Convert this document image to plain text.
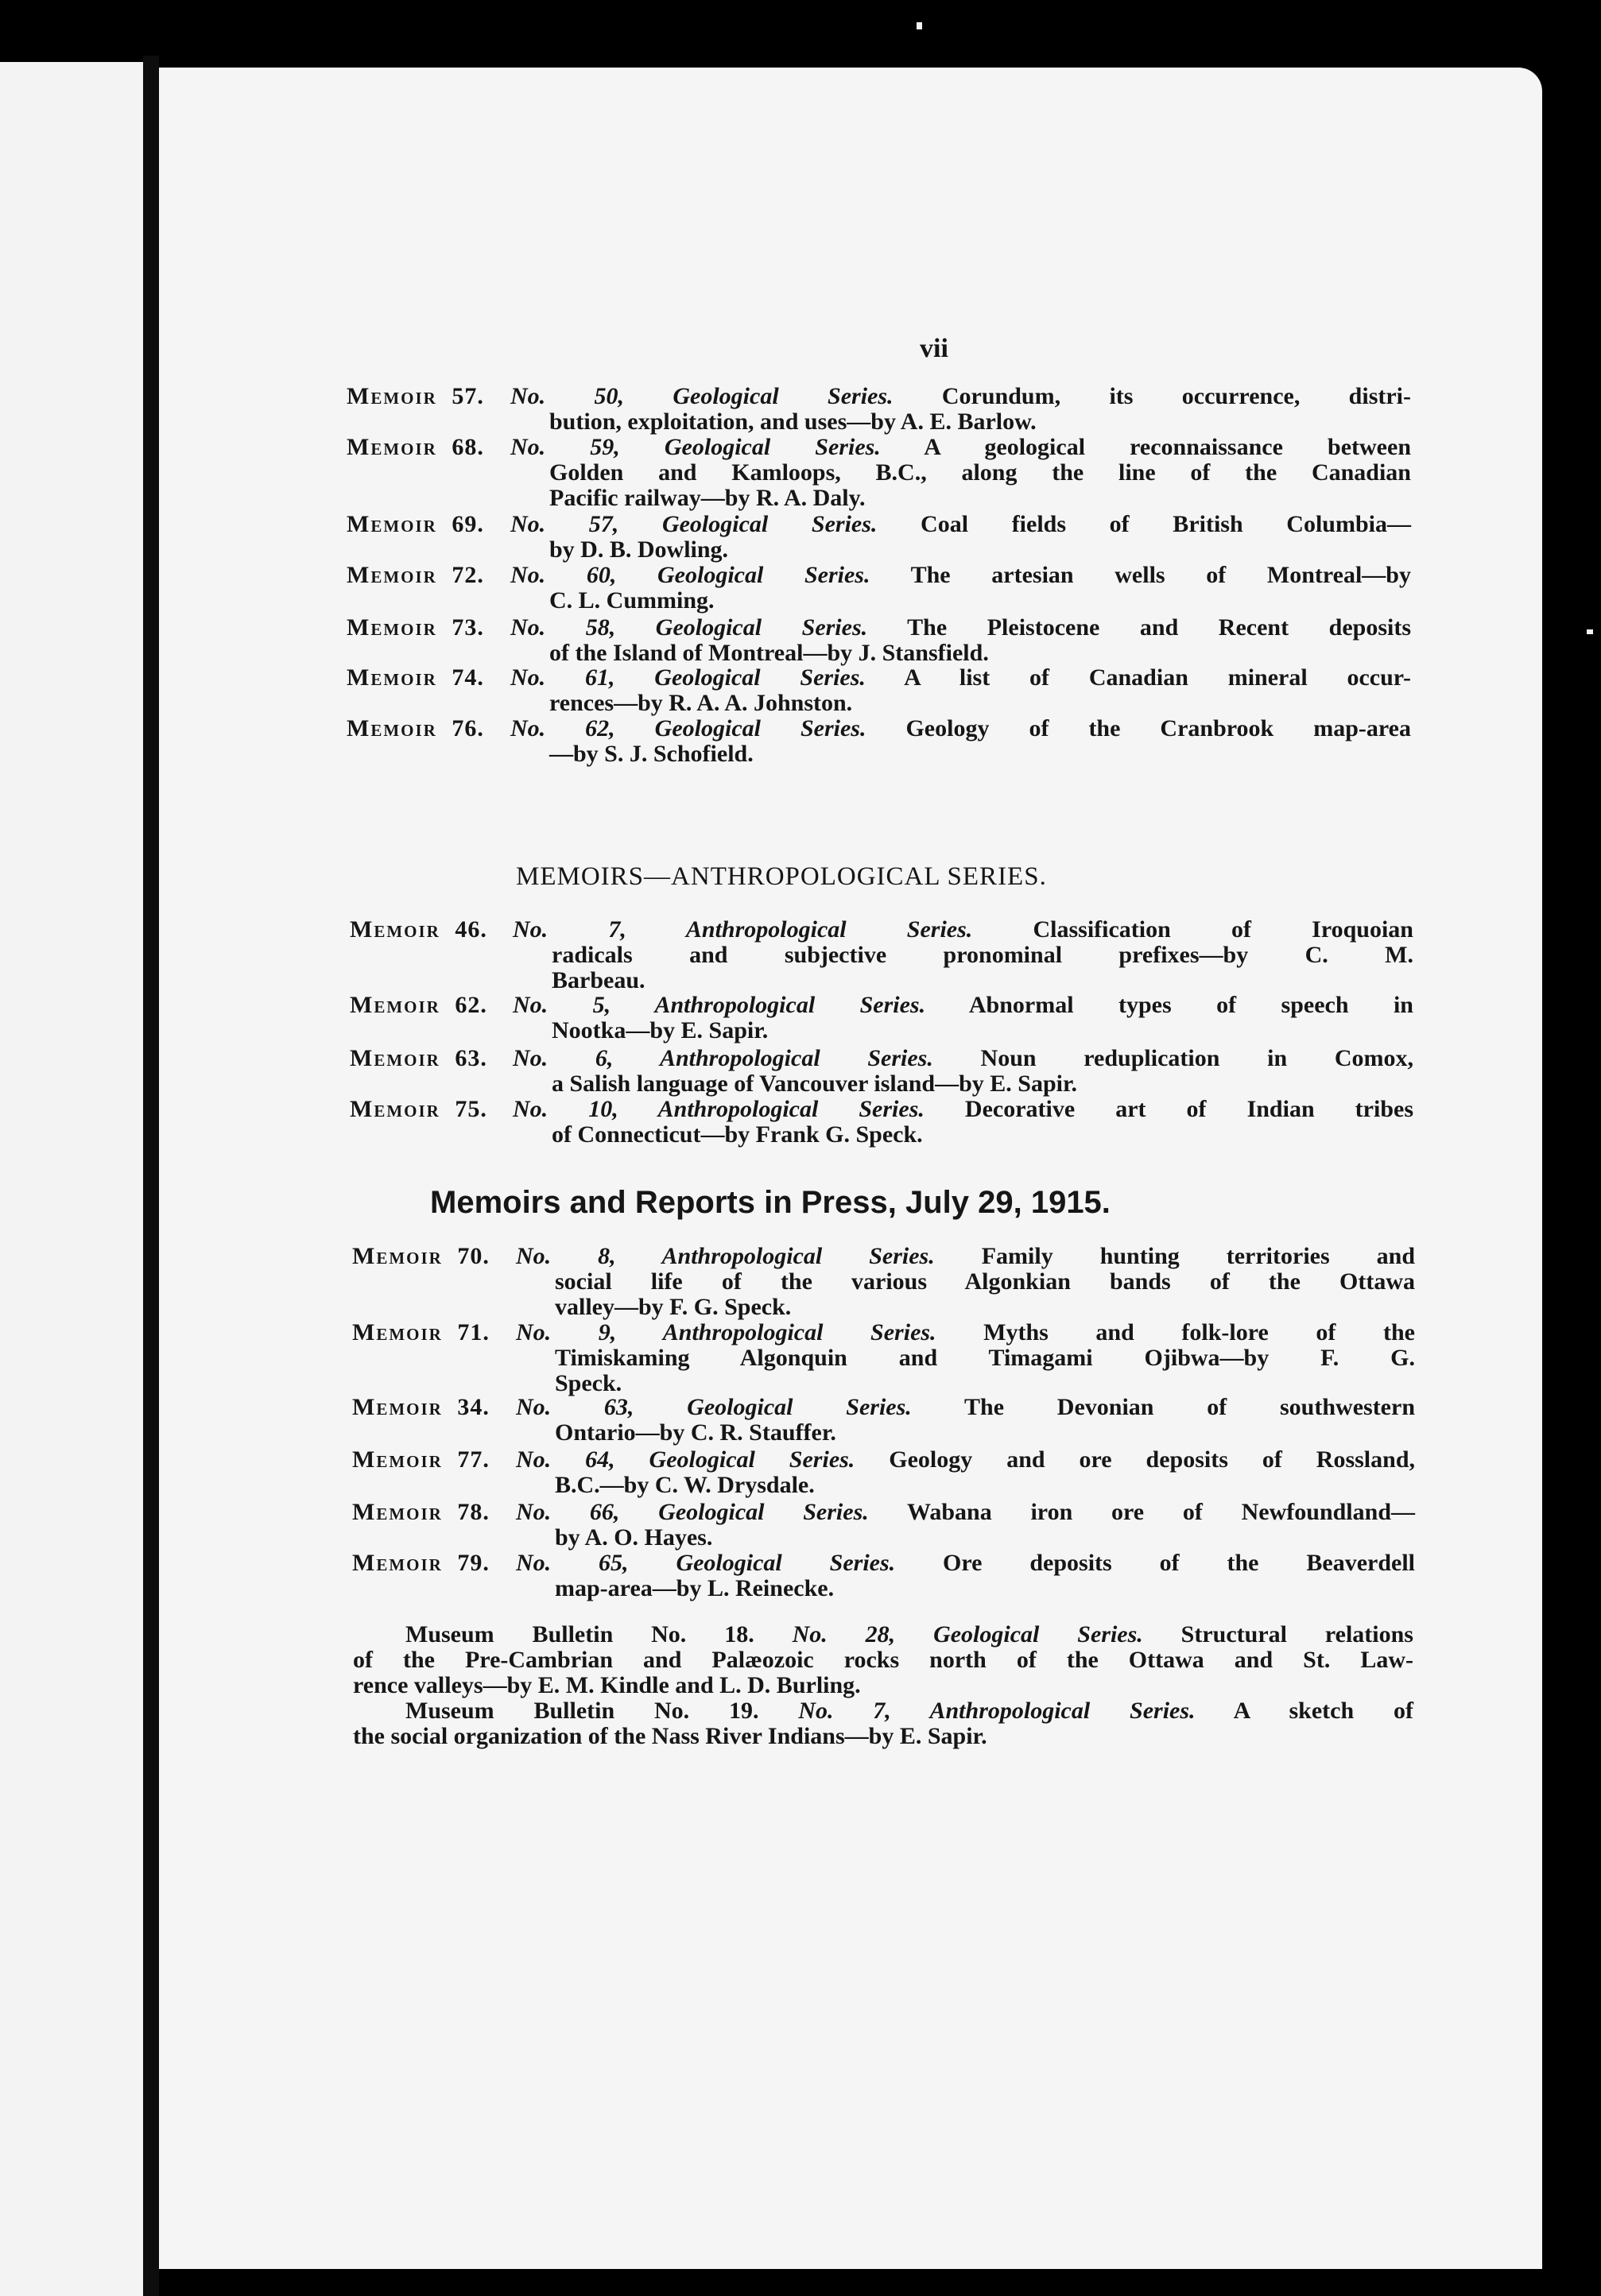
vii
MEMOIRS—ANTHROPOLOGICAL SERIES.
Memoirs and Reports in Press, July 29, 1915.
Memoir 57.	No. 50, Geological Series. Corundum, its occurrence, distri-
bution, exploitation, and uses—by A. E. Barlow.
Memoir 68.	No. 59, Geological Series. A geological reconnaissance between
Golden and Kamloops, B.C., along the line of the Canadian
Pacific railway—by R. A. Daly.
Memoir 69.	No. 57, Geological Series. Coal fields of British Columbia—
by D. B. Dowling.
Memoir 72.	No. 60, Geological Series. The artesian wells of Montreal—by
C. L. Cumming.
Memoir 73.	No. 58, Geological Series. The Pleistocene and Recent deposits
of the Island of Montreal—by J. Stansfield.
Memoir 74.	No. 61, Geological Series. A list of Canadian mineral occur-
rences—by R. A. A. Johnston.
Memoir 76.	No. 62, Geological Series. Geology of the Cranbrook map-area
—by S. J. Schofield.
Memoir 46.	No. 7, Anthropological Series. Classification of Iroquoian
radicals and subjective pronominal prefixes—by C. M.
Barbeau.
Memoir 62.	No. 5, Anthropological Series. Abnormal types of speech in
Nootka—by E. Sapir.
Memoir 63.	No. 6, Anthropological Series. Noun reduplication in Comox,
a Salish language of Vancouver island—by E. Sapir.
Memoir 75.	No. 10, Anthropological Series. Decorative art of Indian tribes
of Connecticut—by Frank G. Speck.
Memoir 70.	No. 8, Anthropological Series. Family hunting territories and
social life of the various Algonkian bands of the Ottawa
valley—by F. G. Speck.
Memoir 71.	No. 9, Anthropological Series. Myths and folk-lore of the
Timiskaming Algonquin and Timagami Ojibwa—by F. G.
Speck.
Memoir 34.	No. 63, Geological Series. The Devonian of southwestern
Ontario—by C. R. Stauffer.
Memoir 77.	No. 64, Geological Series. Geology and ore deposits of Rossland,
B.C.—by C. W. Drysdale.
Memoir 78.	No. 66, Geological Series. Wabana iron ore of Newfoundland—
by A. O. Hayes.
Memoir 79.	No. 65, Geological Series. Ore deposits of the Beaverdell
map-area—by L. Reinecke.
Museum Bulletin No. 18. No. 28, Geological Series. Structural relations
of the Pre-Cambrian and Palæozoic rocks north of the Ottawa and St. Law-
rence valleys—by E. M. Kindle and L. D. Burling.
Museum Bulletin No. 19. No. 7, Anthropological Series. A sketch of
the social organization of the Nass River Indians—by E. Sapir.
